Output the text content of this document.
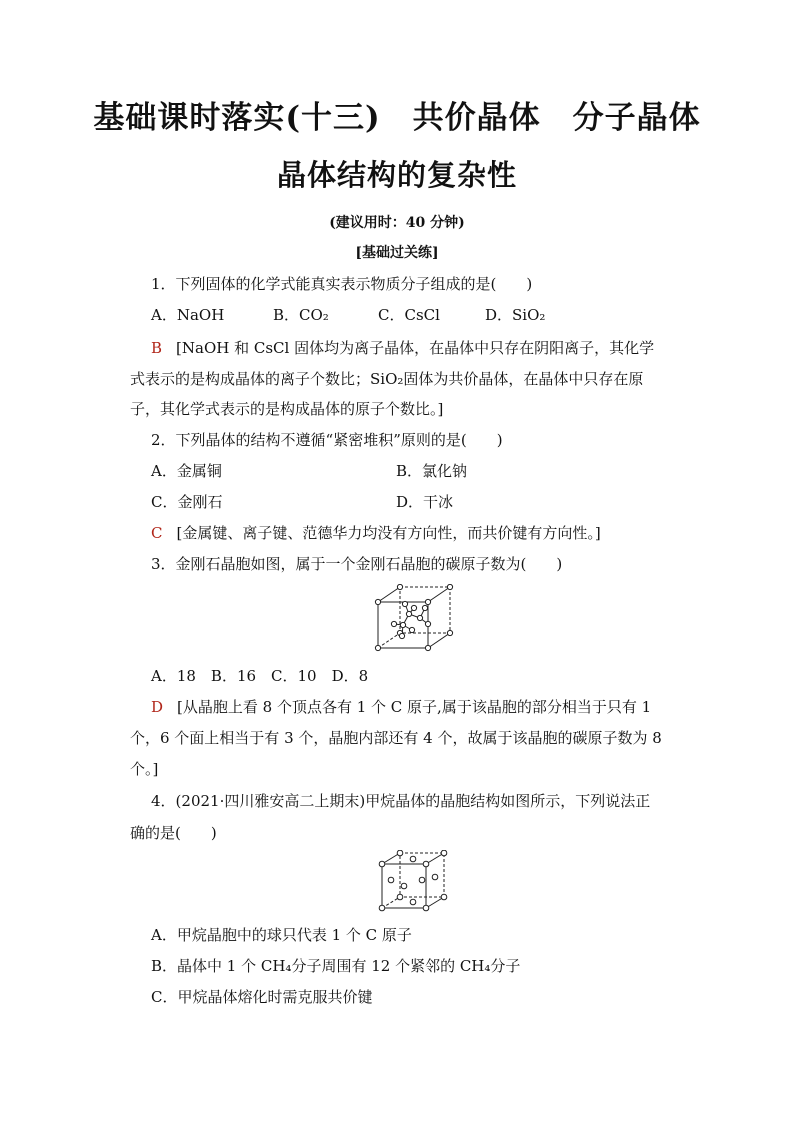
基础课时落实(十三)　共价晶体　分子晶体
晶体结构的复杂性
(建议用时：40 分钟)
[基础过关练]
1．下列固体的化学式能真实表示物质分子组成的是(　　)
A．NaOH	B．CO₂	C．CsCl	D．SiO₂
B [NaOH 和 CsCl 固体均为离子晶体，在晶体中只存在阴阳离子，其化学
式表示的是构成晶体的离子个数比；SiO₂固体为共价晶体，在晶体中只存在原
子，其化学式表示的是构成晶体的原子个数比。]
2．下列晶体的结构不遵循“紧密堆积”原则的是(　　)
A．金属铜	B．氯化钠
C．金刚石	D．干冰
C [金属键、离子键、范德华力均没有方向性，而共价键有方向性。]
3．金刚石晶胞如图，属于一个金刚石晶胞的碳原子数为(　　)
A．18　B．16　C．10　D．8
D [从晶胞上看 8 个顶点各有 1 个 C 原子,属于该晶胞的部分相当于只有 1
个，6 个面上相当于有 3 个，晶胞内部还有 4 个，故属于该晶胞的碳原子数为 8
个。]
4．(2021·四川雅安高二上期末)甲烷晶体的晶胞结构如图所示，下列说法正
确的是(　　)
A．甲烷晶胞中的球只代表 1 个 C 原子
B．晶体中 1 个 CH₄分子周围有 12 个紧邻的 CH₄分子
C．甲烷晶体熔化时需克服共价键
